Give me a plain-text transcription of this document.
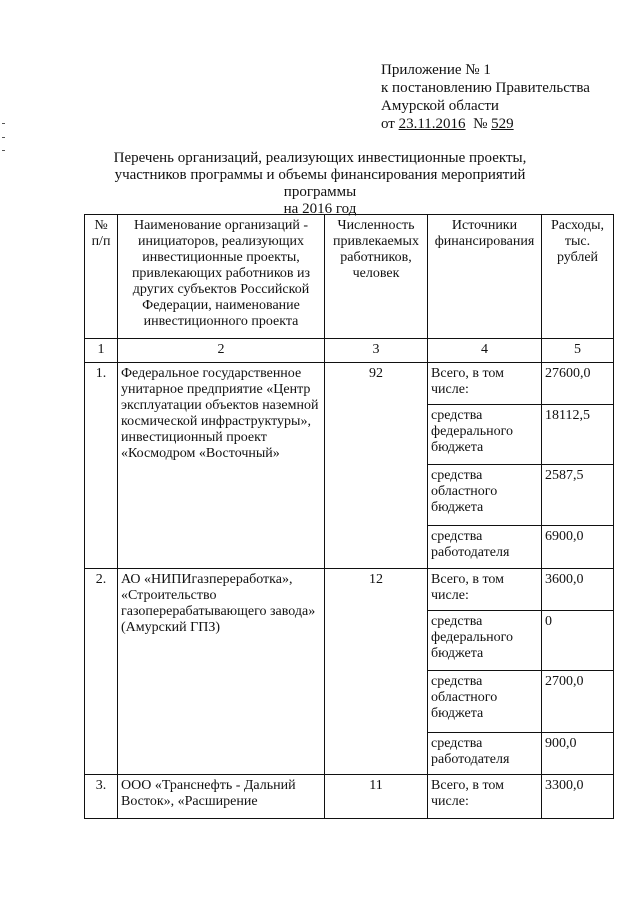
Приложение № 1
к постановлению Правительства
Амурской области
от 23.11.2016 № 529
Перечень организаций, реализующих инвестиционные проекты,
участников программы и объемы финансирования мероприятий программы
на 2016 год
№ п/п	Наименование организаций - инициаторов, реализующих инвестиционные проекты, привлекающих работников из других субъектов Российской Федерации, наименование инвестиционного проекта	Численность привлекаемых работников, человек	Источники финансирования	Расходы, тыс. рублей
1	2	3	4	5
1.	Федеральное государственное унитарное предприятие «Центр эксплуатации объектов наземной космической инфраструктуры», инвестиционный проект «Космодром «Восточный»	92	Всего, в том числе:	27600,0
			средства федерального бюджета	18112,5
			средства областного бюджета	2587,5
			средства работодателя	6900,0
2.	АО «НИПИгазпереработка», «Строительство газоперерабатывающего завода» (Амурский ГПЗ)	12	Всего, в том числе:	3600,0
			средства федерального бюджета	0
			средства областного бюджета	2700,0
			средства работодателя	900,0
3.	ООО «Транснефть - Дальний Восток», «Расширение	11	Всего, в том числе:	3300,0
